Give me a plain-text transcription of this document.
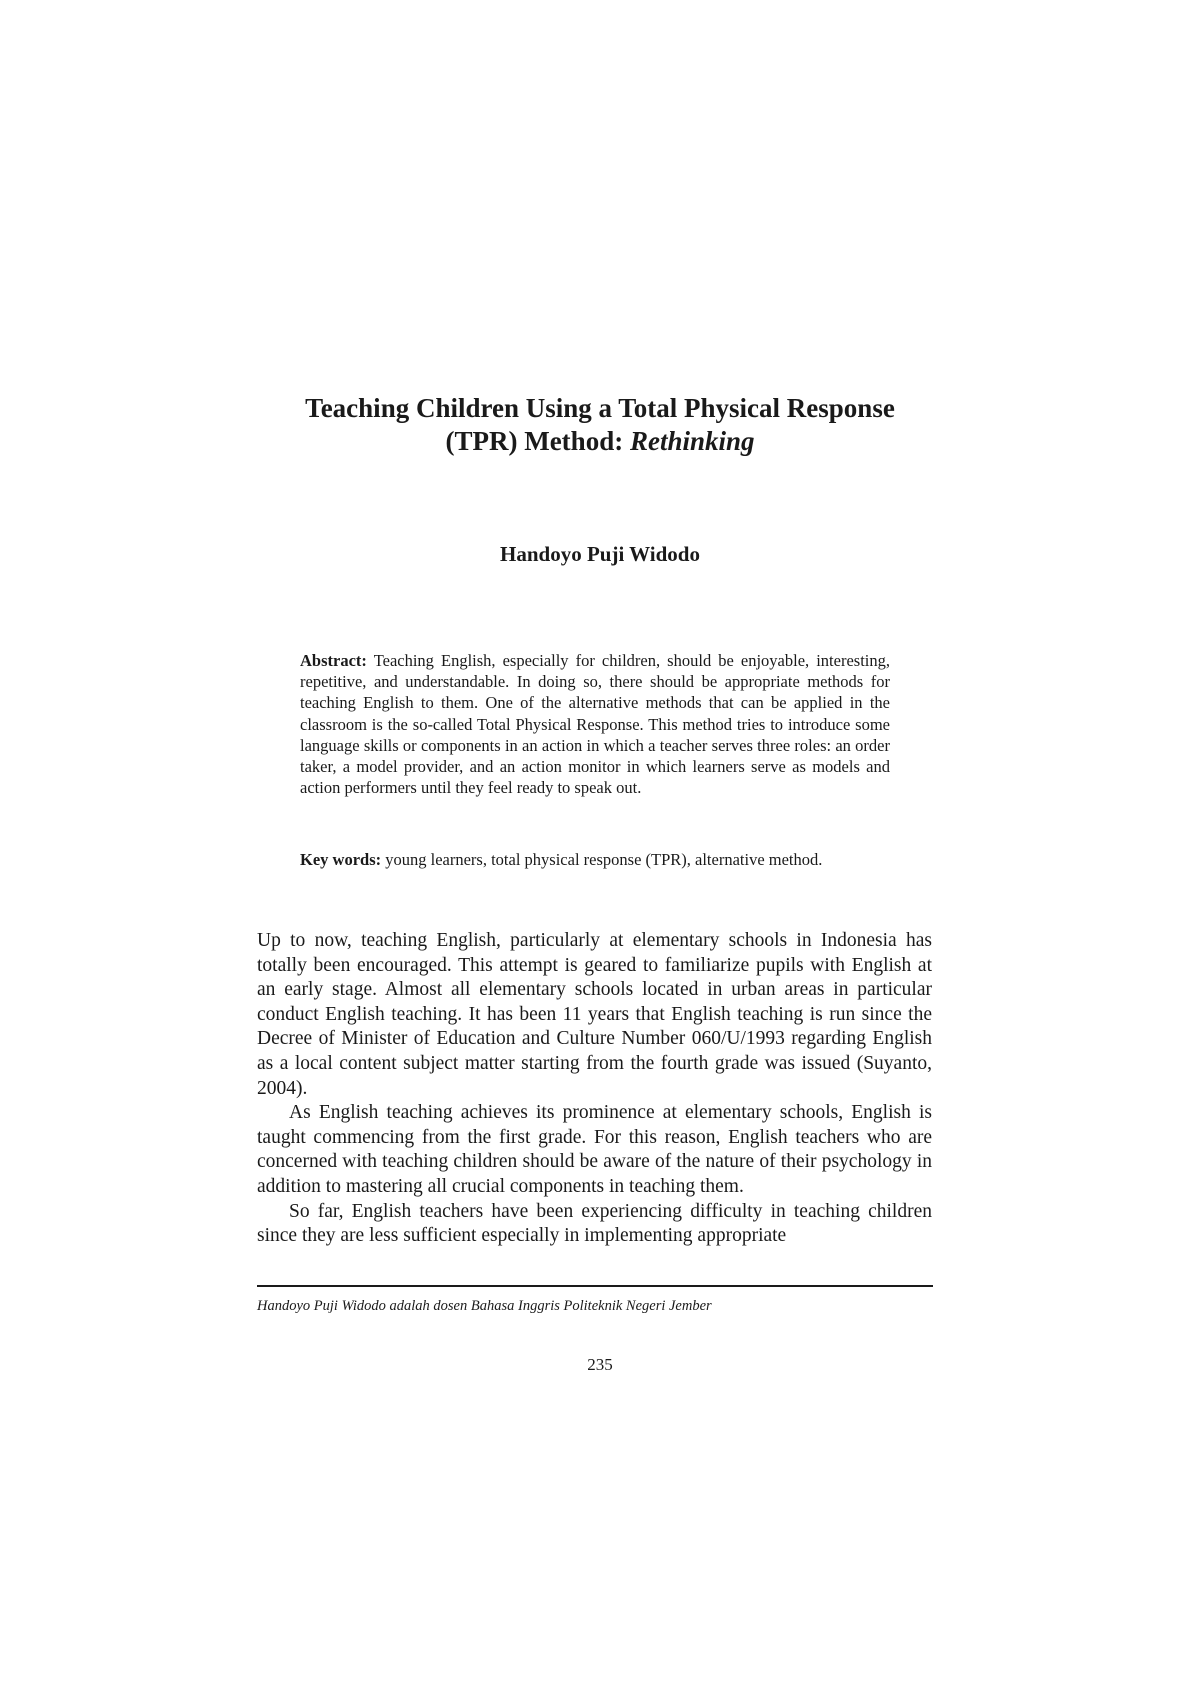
Teaching Children Using a Total Physical Response
(TPR) Method: Rethinking

Handoyo Puji Widodo

Abstract: Teaching English, especially for children, should be enjoyable, interesting, repetitive, and understandable. In doing so, there should be appropriate methods for teaching English to them. One of the alternative methods that can be applied in the classroom is the so-called Total Physical Response. This method tries to introduce some language skills or components in an action in which a teacher serves three roles: an order taker, a model provider, and an action monitor in which learners serve as models and action performers until they feel ready to speak out.

Key words: young learners, total physical response (TPR), alternative method.

Up to now, teaching English, particularly at elementary schools in Indonesia has totally been encouraged. This attempt is geared to familiarize pupils with English at an early stage. Almost all elementary schools located in urban areas in particular conduct English teaching. It has been 11 years that English teaching is run since the Decree of Minister of Education and Culture Number 060/U/1993 regarding English as a local content subject matter starting from the fourth grade was issued (Suyanto, 2004).

As English teaching achieves its prominence at elementary schools, English is taught commencing from the first grade. For this reason, English teachers who are concerned with teaching children should be aware of the nature of their psychology in addition to mastering all crucial components in teaching them.

So far, English teachers have been experiencing difficulty in teaching children since they are less sufficient especially in implementing appropriate

Handoyo Puji Widodo adalah dosen Bahasa Inggris Politeknik Negeri Jember

235
